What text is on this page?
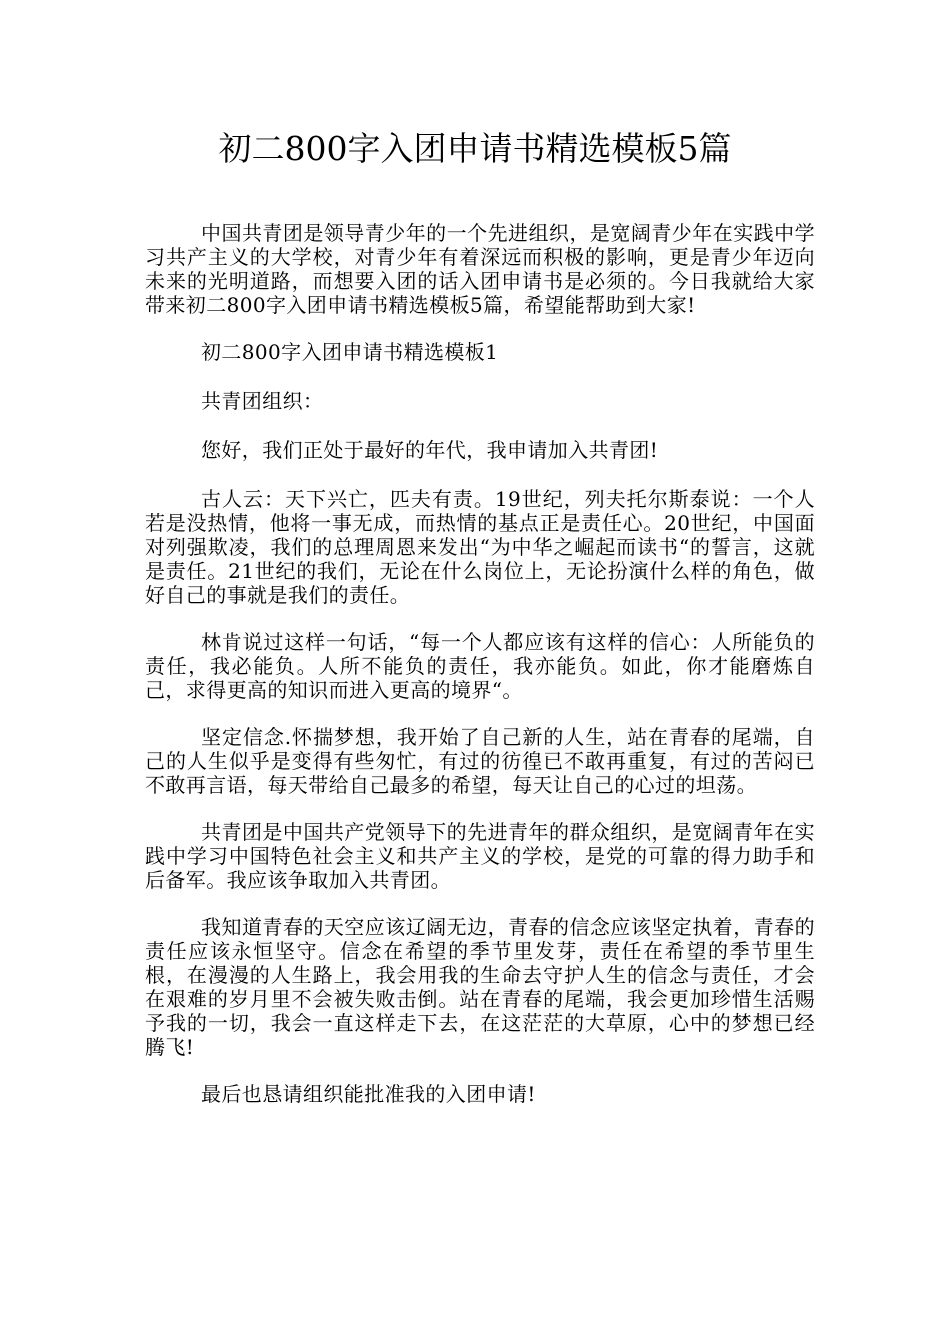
初二800字入团申请书精选模板5篇

中国共青团是领导青少年的一个先进组织，是宽阔青少年在实践中学习共产主义的大学校，对青少年有着深远而积极的影响，更是青少年迈向未来的光明道路，而想要入团的话入团申请书是必须的。今日我就给大家带来初二800字入团申请书精选模板5篇，希望能帮助到大家!

初二800字入团申请书精选模板1

共青团组织：

您好，我们正处于最好的年代，我申请加入共青团!

古人云：天下兴亡，匹夫有责。19世纪，列夫托尔斯泰说：一个人若是没热情，他将一事无成，而热情的基点正是责任心。20世纪，中国面对列强欺凌，我们的总理周恩来发出“为中华之崛起而读书“的誓言，这就是责任。21世纪的我们，无论在什么岗位上，无论扮演什么样的角色，做好自己的事就是我们的责任。

林肯说过这样一句话，“每一个人都应该有这样的信心：人所能负的责任，我必能负。人所不能负的责任，我亦能负。如此，你才能磨炼自己，求得更高的知识而进入更高的境界“。

坚定信念.怀揣梦想，我开始了自己新的人生，站在青春的尾端，自己的人生似乎是变得有些匆忙，有过的彷徨已不敢再重复，有过的苦闷已不敢再言语，每天带给自己最多的希望，每天让自己的心过的坦荡。

共青团是中国共产党领导下的先进青年的群众组织，是宽阔青年在实践中学习中国特色社会主义和共产主义的学校，是党的可靠的得力助手和后备军。我应该争取加入共青团。

我知道青春的天空应该辽阔无边，青春的信念应该坚定执着，青春的责任应该永恒坚守。信念在希望的季节里发芽，责任在希望的季节里生根，在漫漫的人生路上，我会用我的生命去守护人生的信念与责任，才会在艰难的岁月里不会被失败击倒。站在青春的尾端，我会更加珍惜生活赐予我的一切，我会一直这样走下去，在这茫茫的大草原，心中的梦想已经腾飞!

最后也恳请组织能批准我的入团申请!
